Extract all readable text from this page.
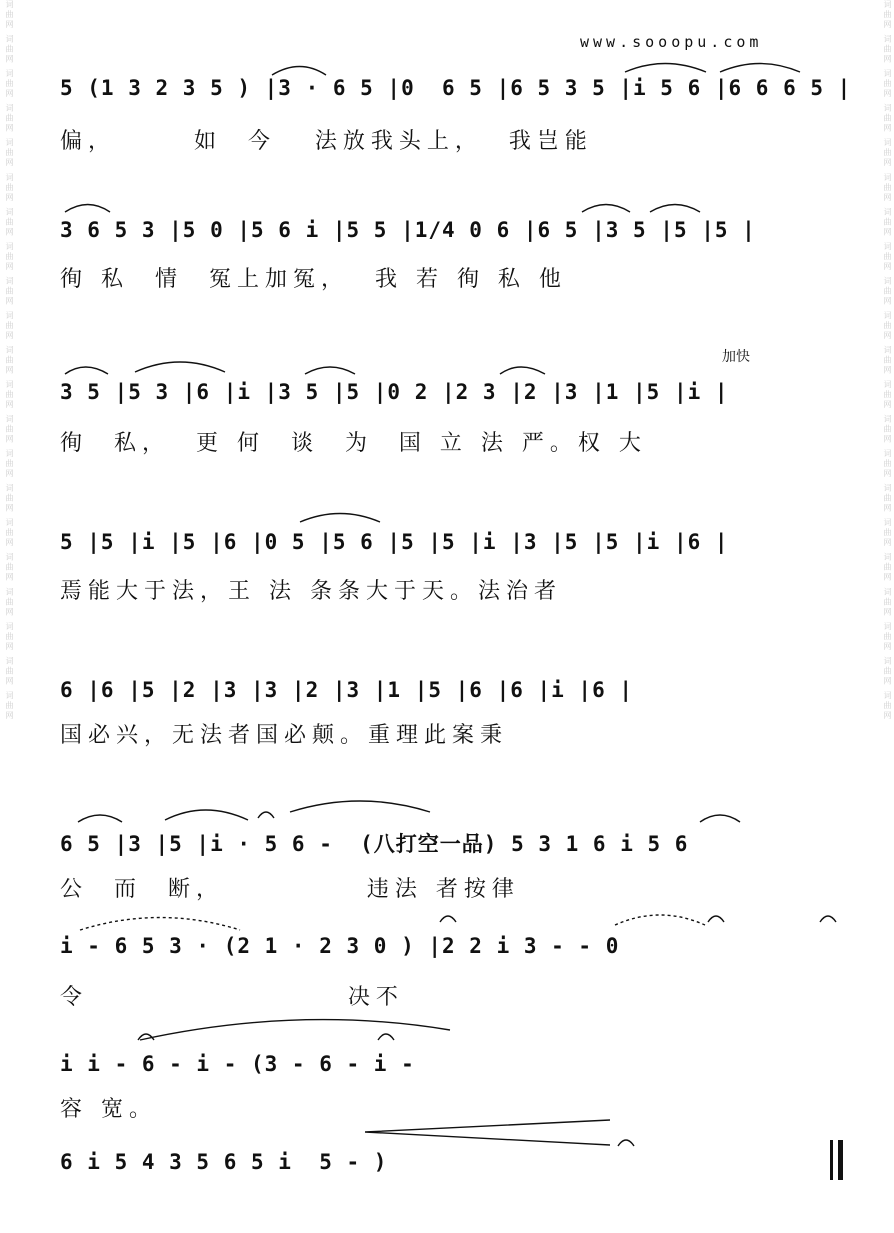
词曲网 词曲网 词曲网 词曲网 词曲网 词曲网 词曲网 词曲网 词曲网 词曲网 词曲网 词曲网 词曲网 词曲网 词曲网 词曲网 词曲网 词曲网 词曲网 词曲网 词曲网	词曲网 词曲网 词曲网 词曲网 词曲网 词曲网 词曲网 词曲网 词曲网 词曲网 词曲网 词曲网 词曲网 词曲网 词曲网 词曲网 词曲网 词曲网 词曲网 词曲网 词曲网
www.sooopu.com
5 (1 3 2 3 5 ) |3 · 6 5 |0  6 5 |6 5 3 5 |i 5 6 |6 6 6 5 |
偏，      如  今   法放我头上，  我岂能
3 6 5 3 |5 0 |5 6 i |5 5 |1/4 0 6 |6 5 |3 5 |5 |5 |
徇 私  情  冤上加冤，  我 若 徇 私 他
3 5 |5 3 |6 |i |3 5 |5 |0 2 |2 3 |2 |3 |1 |5 |i |
徇  私，  更 何  谈  为  国 立 法 严。权 大
5 |5 |i |5 |6 |0 5 |5 6 |5 |5 |i |3 |5 |5 |i |6 |
焉能大于法，王 法 条条大于天。法治者
6 |6 |5 |2 |3 |3 |2 |3 |1 |5 |6 |6 |i |6 |
国必兴，无法者国必颠。重理此案秉
6 5 |3 |5 |i · 5 6 -  (八打空一品) 5 3 1 6 i 5 6
公  而  断，           违法 者按律
i - 6 5 3 · (2 1 · 2 3 0 ) |2 2 i 3 - - 0
令                    决不
i i - 6 - i - (3 - 6 - i -
容 宽。
6 i 5 4 3 5 6 5 i  5 - )
加快
